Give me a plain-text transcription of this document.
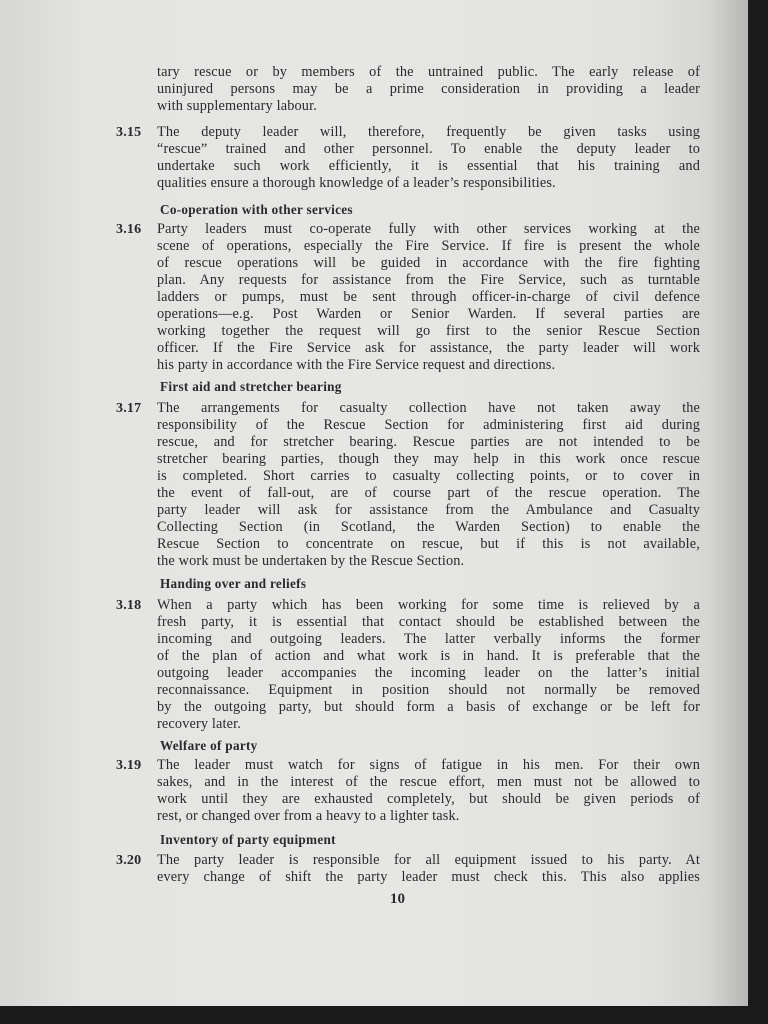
tary rescue or by members of the untrained public. The early release of
uninjured persons may be a prime consideration in providing a leader
with supplementary labour.
3.15	The deputy leader will, therefore, frequently be given tasks using
“rescue” trained and other personnel. To enable the deputy leader to
undertake such work efficiently, it is essential that his training and
qualities ensure a thorough knowledge of a leader’s responsibilities.
Co-operation with other services
3.16	Party leaders must co-operate fully with other services working at the
scene of operations, especially the Fire Service. If fire is present the whole
of rescue operations will be guided in accordance with the fire fighting
plan. Any requests for assistance from the Fire Service, such as turntable
ladders or pumps, must be sent through officer-in-charge of civil defence
operations—e.g. Post Warden or Senior Warden. If several parties are
working together the request will go first to the senior Rescue Section
officer. If the Fire Service ask for assistance, the party leader will work
his party in accordance with the Fire Service request and directions.
First aid and stretcher bearing
3.17	The arrangements for casualty collection have not taken away the
responsibility of the Rescue Section for administering first aid during
rescue, and for stretcher bearing. Rescue parties are not intended to be
stretcher bearing parties, though they may help in this work once rescue
is completed. Short carries to casualty collecting points, or to cover in
the event of fall-out, are of course part of the rescue operation. The
party leader will ask for assistance from the Ambulance and Casualty
Collecting Section (in Scotland, the Warden Section) to enable the
Rescue Section to concentrate on rescue, but if this is not available,
the work must be undertaken by the Rescue Section.
Handing over and reliefs
3.18	When a party which has been working for some time is relieved by a
fresh party, it is essential that contact should be established between the
incoming and outgoing leaders. The latter verbally informs the former
of the plan of action and what work is in hand. It is preferable that the
outgoing leader accompanies the incoming leader on the latter’s initial
reconnaissance. Equipment in position should not normally be removed
by the outgoing party, but should form a basis of exchange or be left for
recovery later.
Welfare of party
3.19	The leader must watch for signs of fatigue in his men. For their own
sakes, and in the interest of the rescue effort, men must not be allowed to
work until they are exhausted completely, but should be given periods of
rest, or changed over from a heavy to a lighter task.
Inventory of party equipment
3.20	The party leader is responsible for all equipment issued to his party. At
every change of shift the party leader must check this. This also applies
10
